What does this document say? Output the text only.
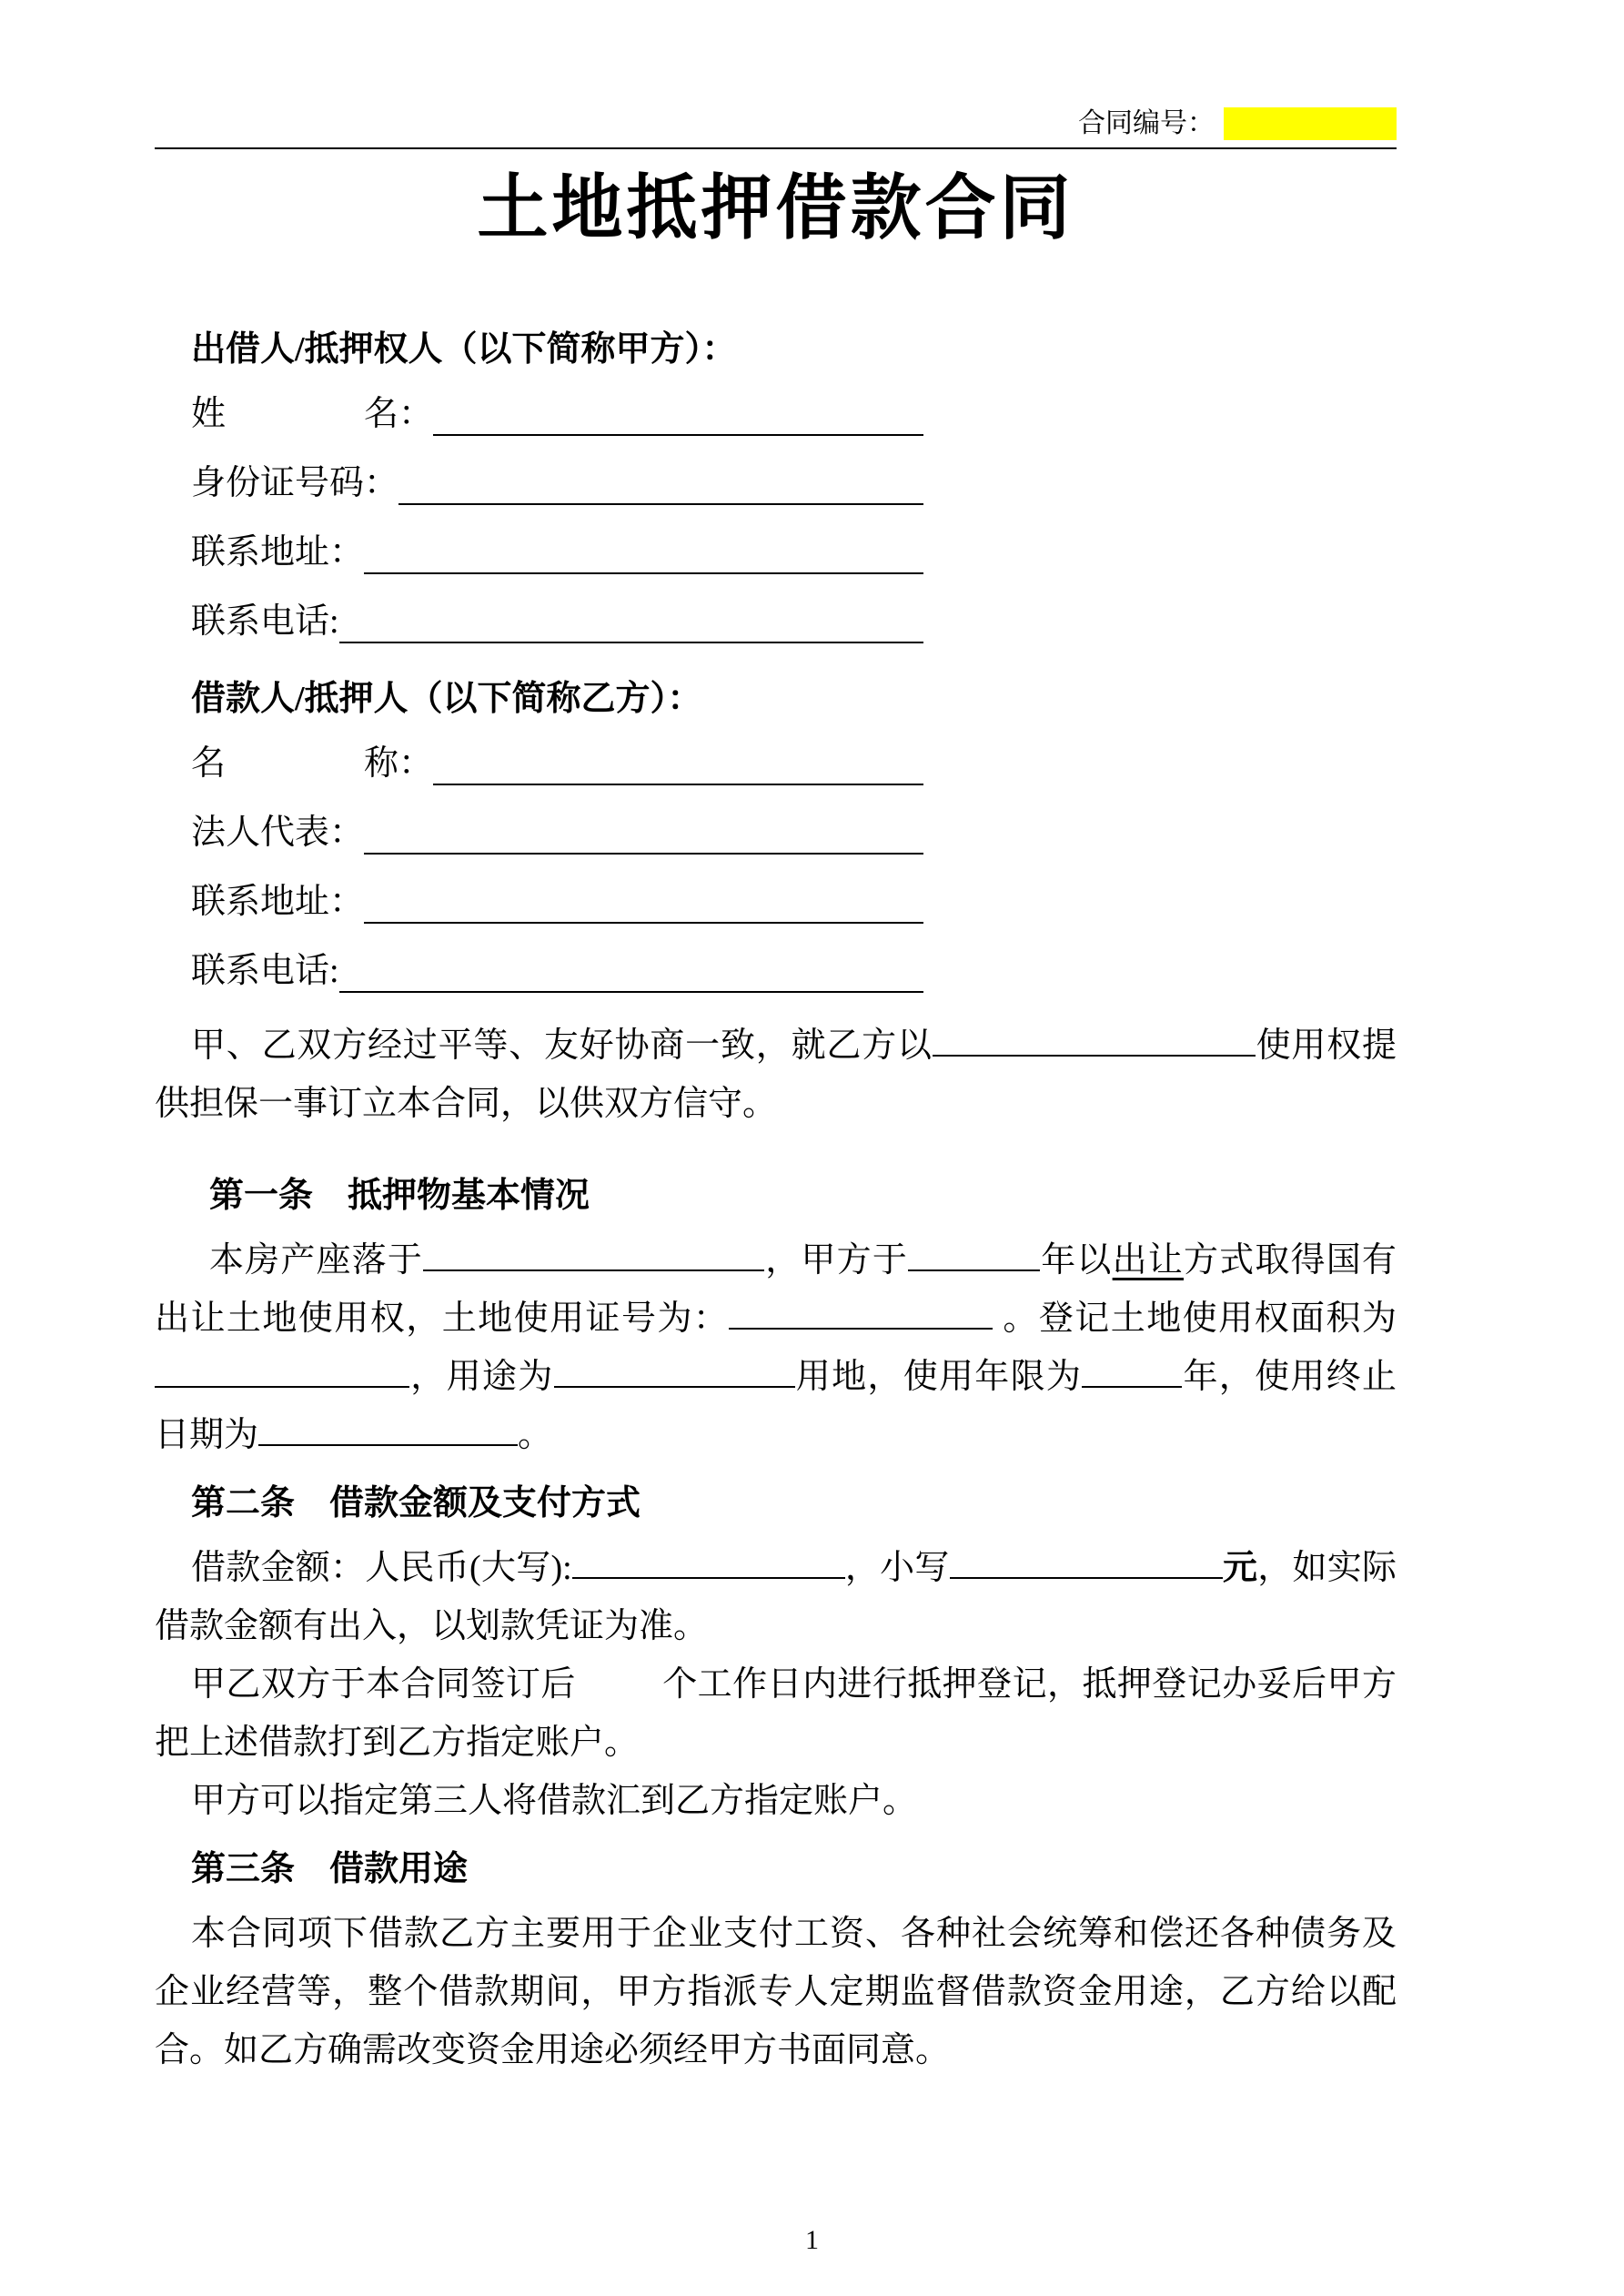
合同编号：
土地抵押借款合同
出借人/抵押权人（以下简称甲方）：
姓　　　　名：
身份证号码：
联系地址：
联系电话:
借款人/抵押人（以下简称乙方）：
名　　　　称：
法人代表：
联系地址：
联系电话:

甲、乙双方经过平等、友好协商一致，就乙方以	使用权提供担保一事订立本合同，以供双方信守。

第一条　抵押物基本情况

本房产座落于	，甲方于	年以出让方式取得国有出让土地使用权，土地使用证号为：	。登记土地使用权面积为，用途为	用地，使用年限为	年，使用终止日期为	。

第二条　借款金额及支付方式

借款金额：人民币(大写):	，小写	元，如实际借款金额有出入，以划款凭证为准。

甲乙双方于本合同签订后	个工作日内进行抵押登记，抵押登记办妥后甲方把上述借款打到乙方指定账户。

甲方可以指定第三人将借款汇到乙方指定账户。

第三条　借款用途

本合同项下借款乙方主要用于企业支付工资、各种社会统筹和偿还各种债务及企业经营等，整个借款期间，甲方指派专人定期监督借款资金用途，乙方给以配合。如乙方确需改变资金用途必须经甲方书面同意。

1
